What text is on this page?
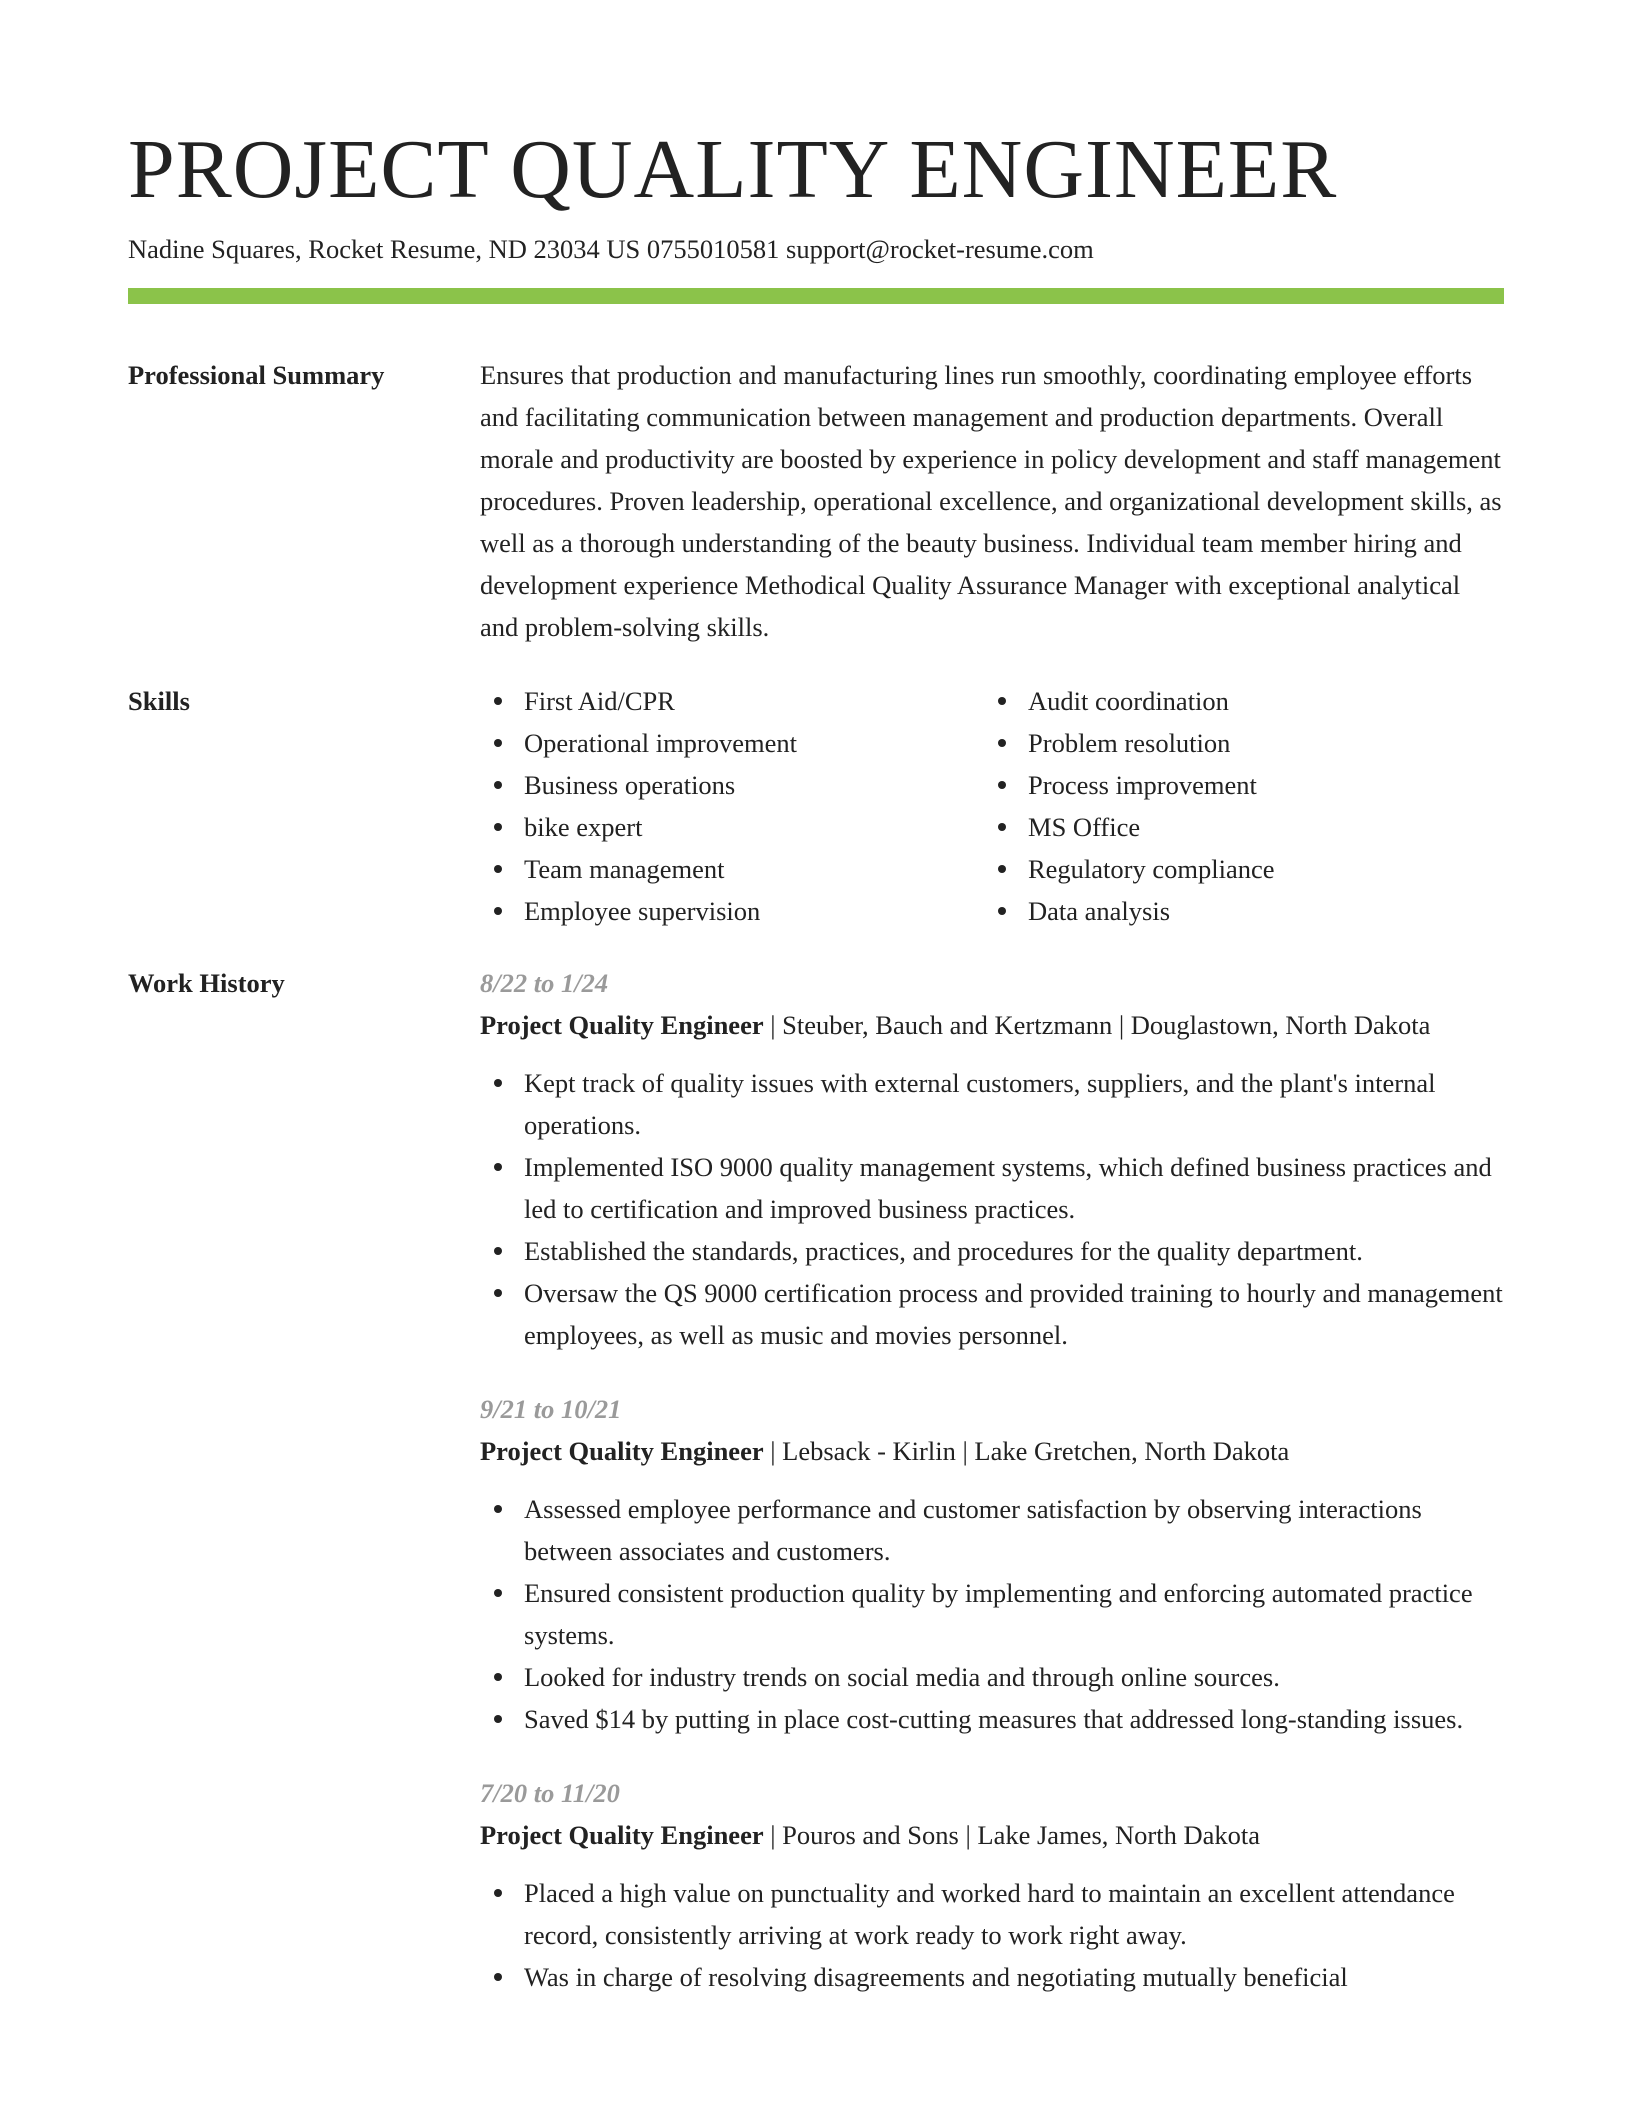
PROJECT QUALITY ENGINEER
Nadine Squares, Rocket Resume, ND 23034 US 0755010581 support@rocket-resume.com
Professional Summary	Ensures that production and manufacturing lines run smoothly, coordinating employee efforts and facilitating communication between management and production departments. Overall morale and productivity are boosted by experience in policy development and staff management procedures. Proven leadership, operational excellence, and organizational development skills, as well as a thorough understanding of the beauty business. Individual team member hiring and development experience Methodical Quality Assurance Manager with exceptional analytical and problem-solving skills.

Skills	First Aid/CPR
Operational improvement
Business operations
bike expert
Team management
Employee supervision
Audit coordination
Problem resolution
Process improvement
MS Office
Regulatory compliance
Data analysis
Work History	8/22 to 1/24
Project Quality Engineer | Steuber, Bauch and Kertzmann | Douglastown, North Dakota
Kept track of quality issues with external customers, suppliers, and the plant's internal operations.
Implemented ISO 9000 quality management systems, which defined business practices and led to certification and improved business practices.
Established the standards, practices, and procedures for the quality department.
Oversaw the QS 9000 certification process and provided training to hourly and management employees, as well as music and movies personnel.
9/21 to 10/21
Project Quality Engineer | Lebsack - Kirlin | Lake Gretchen, North Dakota
Assessed employee performance and customer satisfaction by observing interactions between associates and customers.
Ensured consistent production quality by implementing and enforcing automated practice systems.
Looked for industry trends on social media and through online sources.
Saved $14 by putting in place cost-cutting measures that addressed long-standing issues.
7/20 to 11/20
Project Quality Engineer | Pouros and Sons | Lake James, North Dakota
Placed a high value on punctuality and worked hard to maintain an excellent attendance record, consistently arriving at work ready to work right away.
Was in charge of resolving disagreements and negotiating mutually beneficial
